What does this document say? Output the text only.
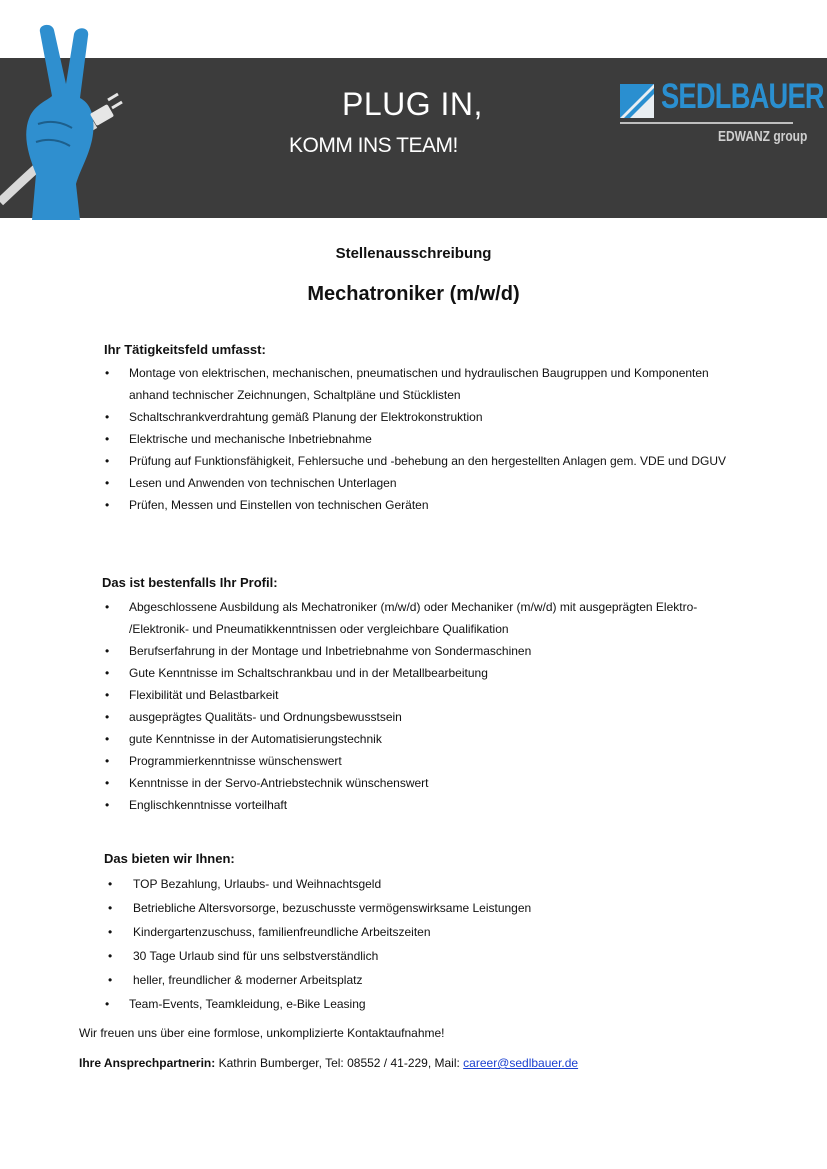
PLUG IN,
KOMM INS TEAM!
SEDLBAUER
EDWANZ group
Stellenausschreibung
Mechatroniker (m/w/d)
Ihr Tätigkeitsfeld umfasst:
• Montage von elektrischen, mechanischen, pneumatischen und hydraulischen Baugruppen und Komponenten anhand technischer Zeichnungen, Schaltpläne und Stücklisten
• Schaltschrankverdrahtung gemäß Planung der Elektrokonstruktion
• Elektrische und mechanische Inbetriebnahme
• Prüfung auf Funktionsfähigkeit, Fehlersuche und -behebung an den hergestellten Anlagen gem. VDE und DGUV
• Lesen und Anwenden von technischen Unterlagen
• Prüfen, Messen und Einstellen von technischen Geräten
Das ist bestenfalls Ihr Profil:
• Abgeschlossene Ausbildung als Mechatroniker (m/w/d) oder Mechaniker (m/w/d) mit ausgeprägten Elektro- /Elektronik- und Pneumatikkenntnissen oder vergleichbare Qualifikation
• Berufserfahrung in der Montage und Inbetriebnahme von Sondermaschinen
• Gute Kenntnisse im Schaltschrankbau und in der Metallbearbeitung
• Flexibilität und Belastbarkeit
• ausgeprägtes Qualitäts- und Ordnungsbewusstsein
• gute Kenntnisse in der Automatisierungstechnik
• Programmierkenntnisse wünschenswert
• Kenntnisse in der Servo-Antriebstechnik wünschenswert
• Englischkenntnisse vorteilhaft
Das bieten wir Ihnen:
• TOP Bezahlung, Urlaubs- und Weihnachtsgeld
• Betriebliche Altersvorsorge, bezuschusste vermögenswirksame Leistungen
• Kindergartenzuschuss, familienfreundliche Arbeitszeiten
• 30 Tage Urlaub sind für uns selbstverständlich
• heller, freundlicher & moderner Arbeitsplatz
• Team-Events, Teamkleidung, e-Bike Leasing
Wir freuen uns über eine formlose, unkomplizierte Kontaktaufnahme!
Ihre Ansprechpartnerin: Kathrin Bumberger, Tel: 08552 / 41-229, Mail: career@sedlbauer.de
